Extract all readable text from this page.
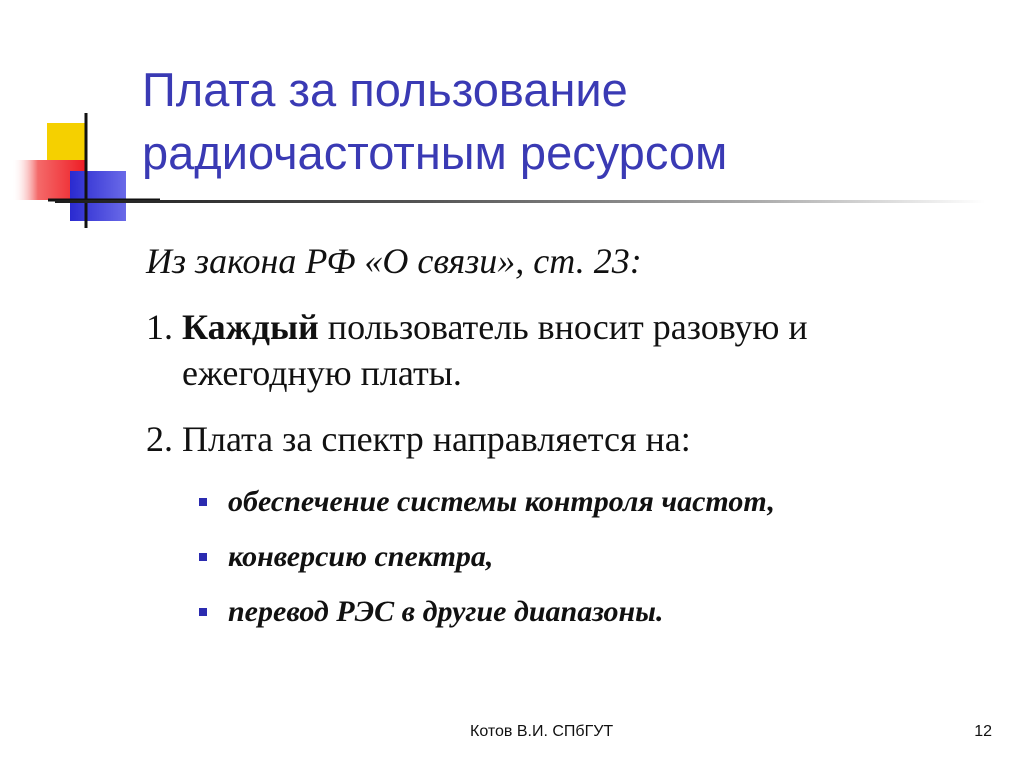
Плата за пользование
радиочастотным ресурсом

Из закона РФ «О связи», ст. 23:

1. Каждый пользователь вносит разовую и
ежегодную платы.

2. Плата за спектр направляется на:

обеспечение системы контроля частот,
конверсию спектра,
перевод РЭС в другие диапазоны.
Котов В.И. СПбГУТ	12
